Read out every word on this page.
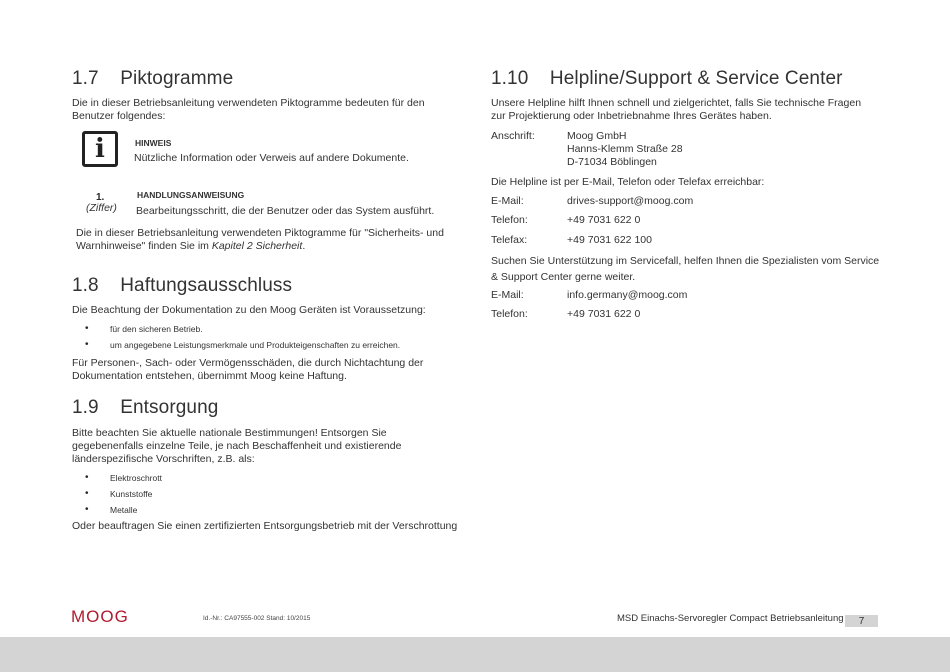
1.7    Piktogramme
Die in dieser Betriebsanleitung verwendeten Piktogramme bedeuten für den Benutzer folgendes:
i	HINWEIS
Nützliche Information oder Verweis auf andere Dokumente.
1.
(Ziffer)
HANDLUNGSANWEISUNG
Bearbeitungsschritt, die der Benutzer oder das System ausführt.
Die in dieser Betriebsanleitung verwendeten Piktogramme für "Sicherheits- und
Warnhinweise" finden Sie im Kapitel 2 Sicherheit.
1.8    Haftungsausschluss
Die Beachtung der Dokumentation zu den Moog Geräten ist Voraussetzung:
•	für den sicheren Betrieb.
•	um angegebene Leistungsmerkmale und Produkteigenschaften zu erreichen.
Für Personen-, Sach- oder Vermögensschäden, die durch Nichtachtung der Dokumentation entstehen, übernimmt Moog keine Haftung.
1.9    Entsorgung
Bitte beachten Sie aktuelle nationale Bestimmungen! Entsorgen Sie gegebenenfalls einzelne Teile, je nach Beschaffenheit und existierende länderspezifische Vorschriften, z.B. als:
•	Elektroschrott
•	Kunststoffe
•	Metalle
Oder beauftragen Sie einen zertifizierten Entsorgungsbetrieb mit der Verschrottung
1.10    Helpline/Support & Service Center
Unsere Helpline hilft Ihnen schnell und zielgerichtet, falls Sie technische Fragen zur Projektierung oder Inbetriebnahme Ihres Gerätes haben.
Anschrift:	Moog GmbH
Hanns-Klemm Straße 28
D-71034 Böblingen
Die Helpline ist per E-Mail, Telefon oder Telefax erreichbar:
E-Mail:	drives-support@moog.com
Telefon:	+49 7031 622 0
Telefax:	+49 7031 622 100
Suchen Sie Unterstützung im Servicefall, helfen Ihnen die Spezialisten vom Service & Support Center gerne weiter.
E-Mail:	info.germany@moog.com
Telefon:	+49 7031 622 0
MOOG	Id.-Nr.: CA97555-002 Stand: 10/2015	MSD Einachs-Servoregler Compact Betriebsanleitung	7
